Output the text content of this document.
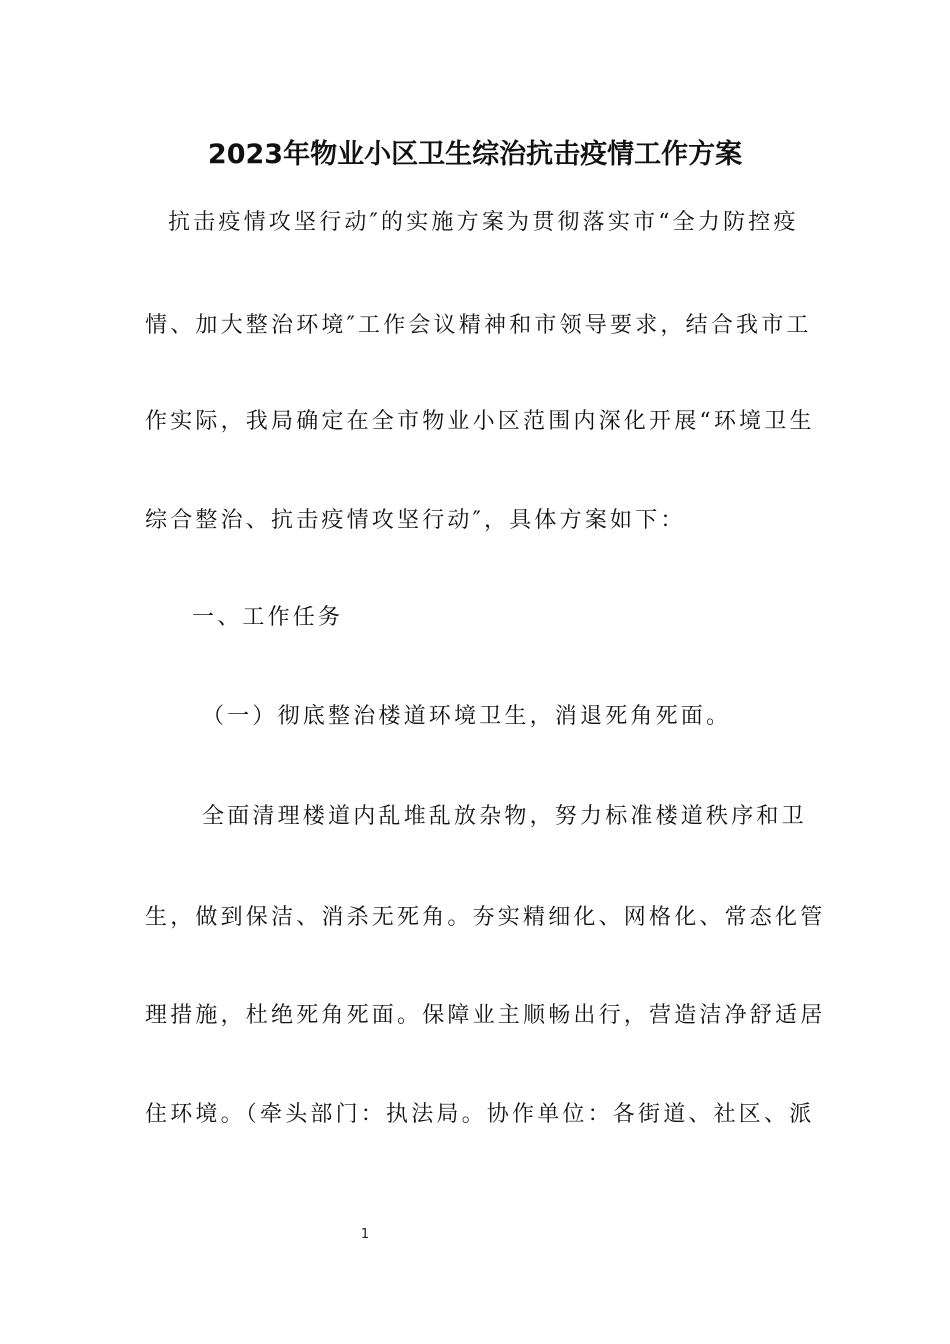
2023年物业小区卫生综治抗击疫情工作方案
抗击疫情攻坚行动″的实施方案为贯彻落实市“全力防控疫
情、加大整治环境″工作会议精神和市领导要求，结合我市工
作实际，我局确定在全市物业小区范围内深化开展“环境卫生
综合整治、抗击疫情攻坚行动″，具体方案如下：
一、工作任务
（一）彻底整治楼道环境卫生，消退死角死面。
全面清理楼道内乱堆乱放杂物，努力标准楼道秩序和卫
生，做到保洁、消杀无死角。夯实精细化、网格化、常态化管
理措施，杜绝死角死面。保障业主顺畅出行，营造洁净舒适居
住环境。（牵头部门：执法局。协作单位：各街道、社区、派
1
